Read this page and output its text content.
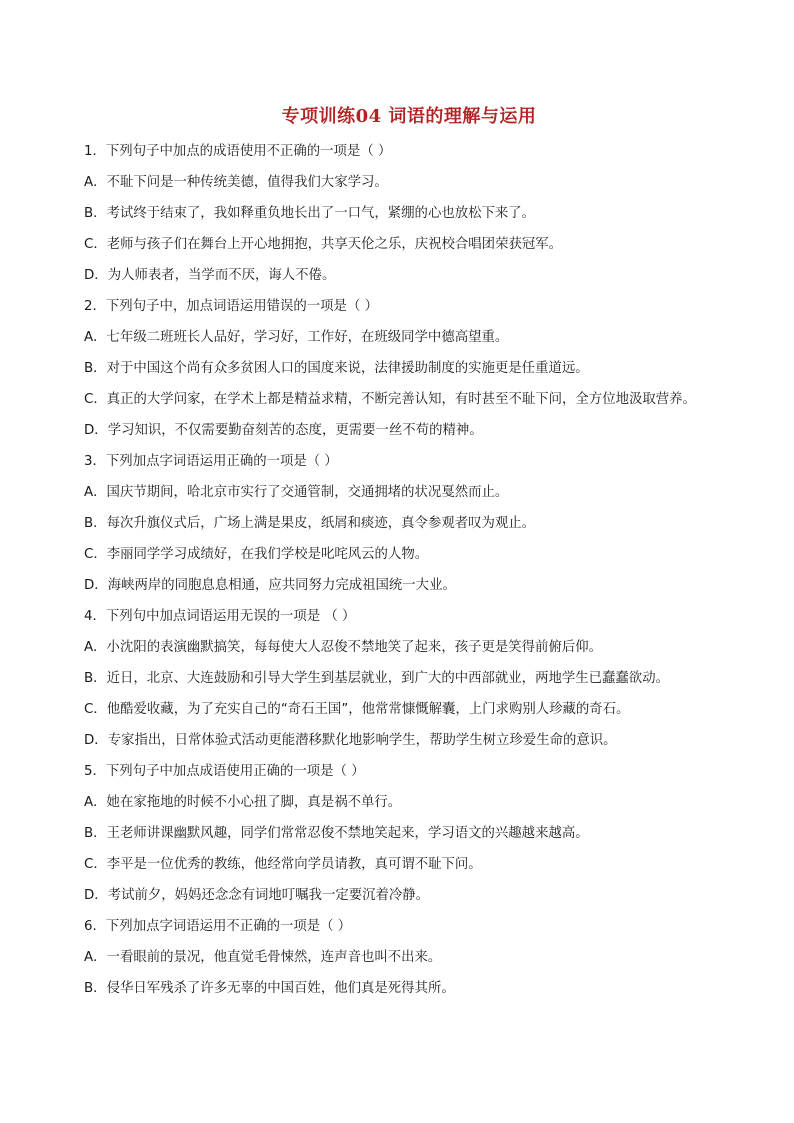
专项训练04 词语的理解与运用

1．下列句子中加点的成语使用不正确的一项是（ ）

A．不耻下问是一种传统美德，值得我们大家学习。

B．考试终于结束了，我如释重负地长出了一口气，紧绷的心也放松下来了。

C．老师与孩子们在舞台上开心地拥抱，共享天伦之乐，庆祝校合唱团荣获冠军。

D．为人师表者，当学而不厌，诲人不倦。

2．下列句子中，加点词语运用错误的一项是（ ）

A．七年级二班班长人品好，学习好，工作好，在班级同学中德高望重。

B．对于中国这个尚有众多贫困人口的国度来说，法律援助制度的实施更是任重道远。

C．真正的大学问家，在学术上都是精益求精，不断完善认知，有时甚至不耻下问，全方位地汲取营养。

D．学习知识，不仅需要勤奋刻苦的态度，更需要一丝不苟的精神。

3．下列加点字词语运用正确的一项是（ ）

A．国庆节期间，哈北京市实行了交通管制，交通拥堵的状况戛然而止。

B．每次升旗仪式后，广场上满是果皮，纸屑和痰迹，真令参观者叹为观止。

C．李丽同学学习成绩好，在我们学校是叱咤风云的人物。

D．海峡两岸的同胞息息相通，应共同努力完成祖国统一大业。

4．下列句中加点词语运用无误的一项是 （ ）

A．小沈阳的表演幽默搞笑，每每使大人忍俊不禁地笑了起来，孩子更是笑得前俯后仰。

B．近日，北京、大连鼓励和引导大学生到基层就业，到广大的中西部就业，两地学生已蠢蠢欲动。

C．他酷爱收藏，为了充实自己的“奇石王国”，他常常慷慨解囊，上门求购别人珍藏的奇石。

D．专家指出，日常体验式活动更能潜移默化地影响学生，帮助学生树立珍爱生命的意识。

5．下列句子中加点成语使用正确的一项是（ ）

A．她在家拖地的时候不小心扭了脚，真是祸不单行。

B．王老师讲课幽默风趣，同学们常常忍俊不禁地笑起来，学习语文的兴趣越来越高。

C．李平是一位优秀的教练，他经常向学员请教，真可谓不耻下问。

D．考试前夕，妈妈还念念有词地叮嘱我一定要沉着冷静。

6．下列加点字词语运用不正确的一项是（ ）

A．一看眼前的景况，他直觉毛骨悚然，连声音也叫不出来。

B．侵华日军残杀了许多无辜的中国百姓，他们真是死得其所。
